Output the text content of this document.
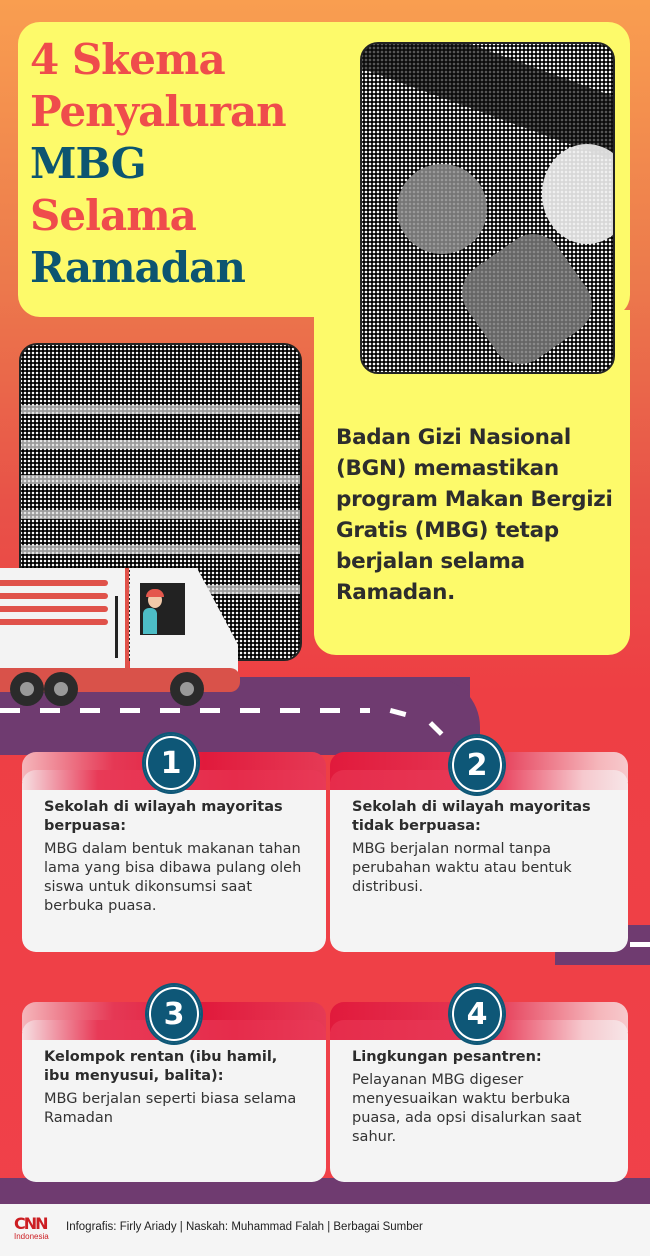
4 Skema
Penyaluran
MBG
Selama
Ramadan
Badan Gizi Nasional (BGN) memastikan program Makan Bergizi Gratis (MBG) tetap berjalan selama Ramadan.
Sekolah di wilayah mayoritas berpuasa:
MBG dalam bentuk makanan tahan lama yang bisa dibawa pulang oleh siswa untuk dikonsumsi saat berbuka puasa.
1
Sekolah di wilayah mayoritas tidak berpuasa:
MBG berjalan normal tanpa perubahan waktu atau bentuk distribusi.
2
Kelompok rentan (ibu hamil, ibu menyusui, balita):
MBG berjalan seperti biasa selama Ramadan
3
Lingkungan pesantren:
Pelayanan MBG digeser menyesuaikan waktu berbuka puasa, ada opsi disalurkan saat sahur.
4
CNN
Indonesia
Infografis: Firly Ariady | Naskah: Muhammad Falah | Berbagai Sumber
